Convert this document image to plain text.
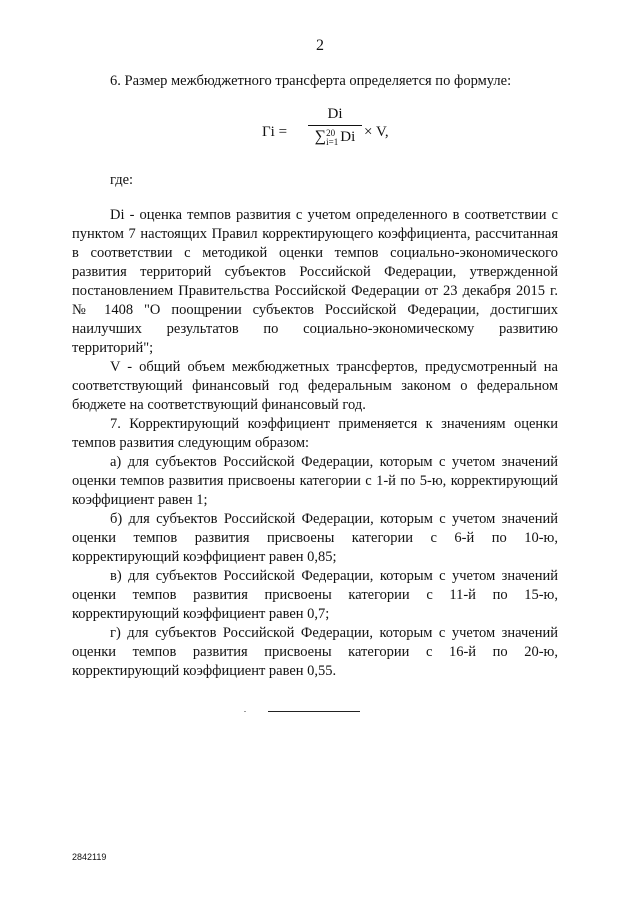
2

6. Размер межбюджетного трансферта определяется по формуле:

Гi =
Di
∑20
i=1 Di × V,

где:

Di - оценка темпов развития с учетом определенного в соответствии с пунктом 7 настоящих Правил корректирующего коэффициента, рассчитанная в соответствии с методикой оценки темпов социально-экономического развития территорий субъектов Российской Федерации, утвержденной постановлением Правительства Российской Федерации от 23 декабря 2015 г. № 1408 "О поощрении субъектов Российской Федерации, достигших наилучших результатов по социально-экономическому развитию территорий";

V - общий объем межбюджетных трансфертов, предусмотренный на соответствующий финансовый год федеральным законом о федеральном бюджете на соответствующий финансовый год.

7. Корректирующий коэффициент применяется к значениям оценки темпов развития следующим образом:

а) для субъектов Российской Федерации, которым с учетом значений оценки темпов развития присвоены категории с 1-й по 5-ю, корректирующий коэффициент равен 1;

б) для субъектов Российской Федерации, которым с учетом значений оценки темпов развития присвоены категории с 6-й по 10-ю, корректирующий коэффициент равен 0,85;

в) для субъектов Российской Федерации, которым с учетом значений оценки темпов развития присвоены категории с 11-й по 15-ю, корректирующий коэффициент равен 0,7;

г) для субъектов Российской Федерации, которым с учетом значений оценки темпов развития присвоены категории с 16-й по 20-ю, корректирующий коэффициент равен 0,55.

2842119
